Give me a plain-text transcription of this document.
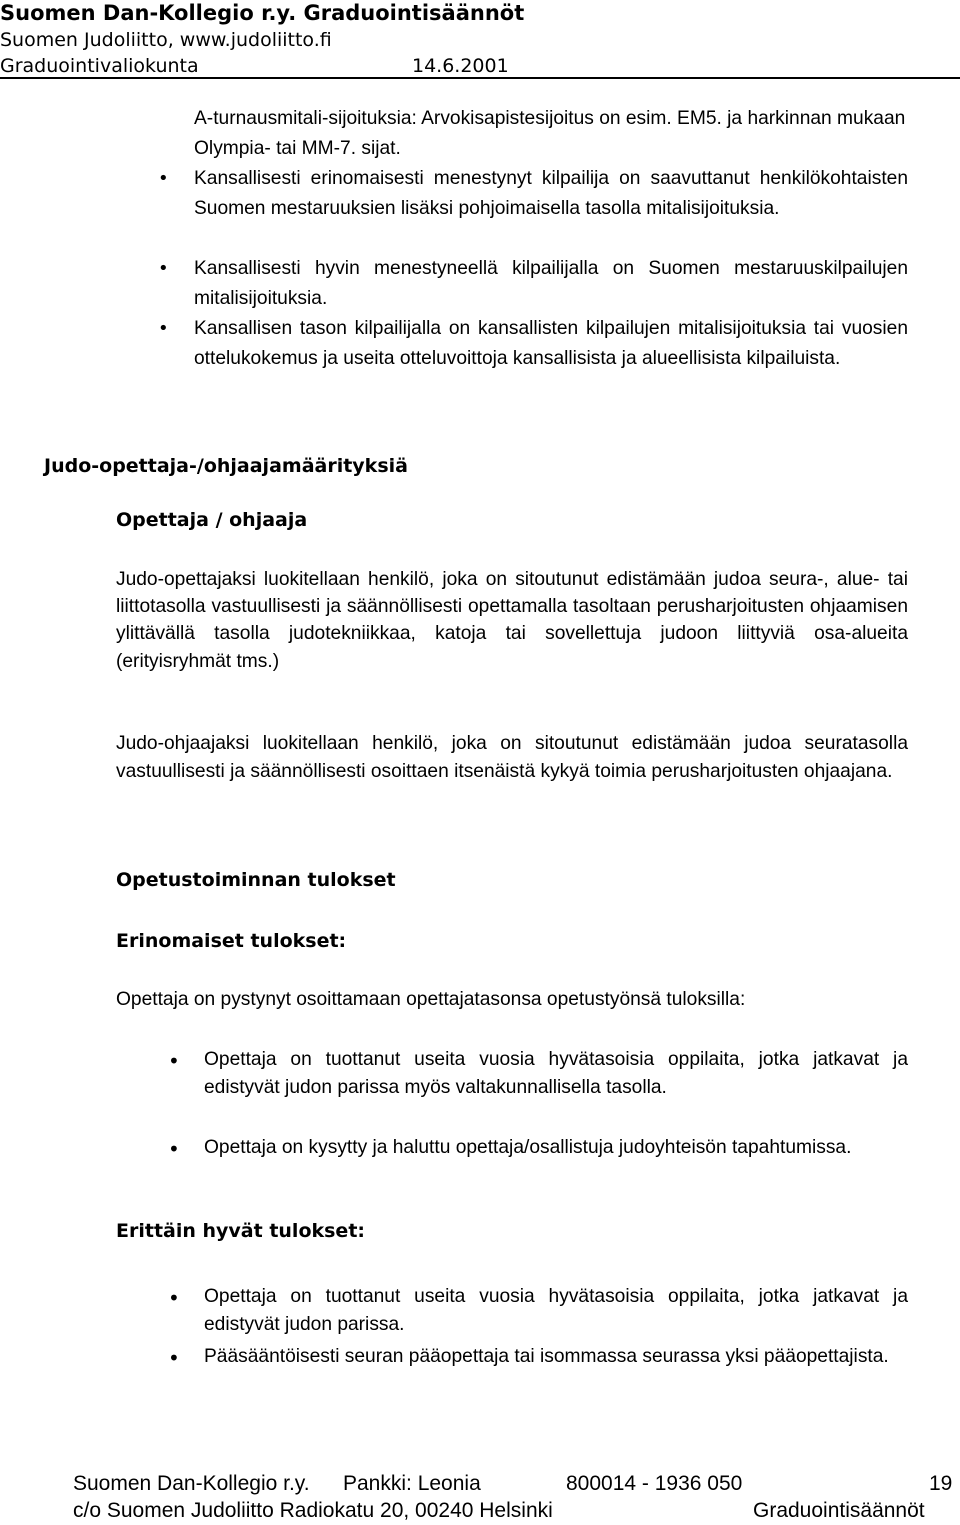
Suomen Dan-Kollegio r.y. Graduointisäännöt
Suomen Judoliitto, www.judoliitto.fi
Graduointivaliokunta	14.6.2001
A-turnausmitali-sijoituksia: Arvokisapistesijoitus on esim. EM5. ja harkinnan mukaan Olympia- tai MM-7. sijat.
• Kansallisesti erinomaisesti menestynyt kilpailija on saavuttanut henkilökohtaisten Suomen mestaruuksien lisäksi pohjoimaisella tasolla mitalisijoituksia.
• Kansallisesti hyvin menestyneellä kilpailijalla on Suomen mestaruuskilpailujen mitalisijoituksia.
• Kansallisen tason kilpailijalla on kansallisten kilpailujen mitalisijoituksia tai vuosien ottelukokemus ja useita otteluvoittoja kansallisista ja alueellisista kilpailuista.
Judo-opettaja-/ohjaajamäärityksiä
Opettaja / ohjaaja
Judo-opettajaksi luokitellaan henkilö, joka on sitoutunut edistämään judoa seura-, alue- tai liittotasolla vastuullisesti ja säännöllisesti opettamalla tasoltaan perusharjoitusten ohjaamisen ylittävällä tasolla judotekniikkaa, katoja tai sovellettuja judoon liittyviä osa-alueita (erityisryhmät tms.)
Judo-ohjaajaksi luokitellaan henkilö, joka on sitoutunut edistämään judoa seuratasolla vastuullisesti ja säännöllisesti osoittaen itsenäistä kykyä toimia perusharjoitusten ohjaajana.
Opetustoiminnan tulokset
Erinomaiset tulokset:
Opettaja on pystynyt osoittamaan opettajatasonsa opetustyönsä tuloksilla:
• Opettaja on tuottanut useita vuosia hyvätasoisia oppilaita, jotka jatkavat ja edistyvät judon parissa myös valtakunnallisella tasolla.
• Opettaja on kysytty ja haluttu opettaja/osallistuja judoyhteisön tapahtumissa.
Erittäin hyvät tulokset:
• Opettaja on tuottanut useita vuosia hyvätasoisia oppilaita, jotka jatkavat ja edistyvät judon parissa.
• Pääsääntöisesti seuran pääopettaja tai isommassa seurassa yksi pääopettajista.
Suomen Dan-Kollegio r.y. Pankki: Leonia	800014 - 1936 050	19
c/o Suomen Judoliitto Radiokatu 20, 00240 Helsinki	Graduointisäännöt
